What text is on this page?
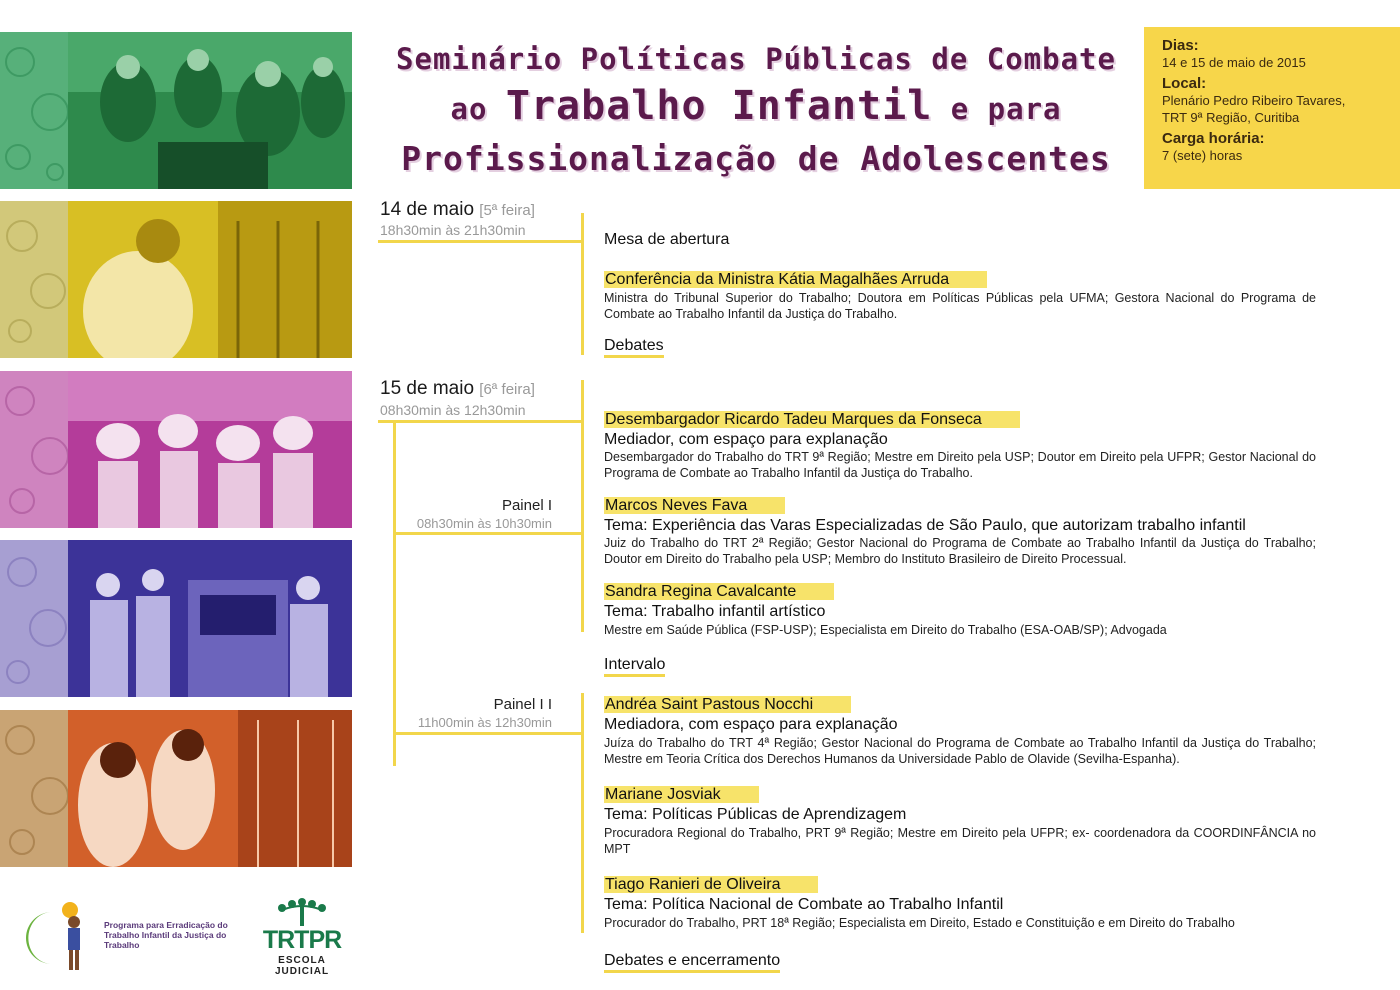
Seminário Políticas Públicas de Combate
ao Trabalho Infantil e para
Profissionalização de Adolescentes
Dias:
14 e 15 de maio de 2015
Local:
Plenário Pedro Ribeiro Tavares,
TRT 9ª Região, Curitiba
Carga horária:
7 (sete) horas
14 de maio [5ª feira]
18h30min às 21h30min
Mesa de abertura
Conferência da Ministra Kátia Magalhães Arruda
Ministra do Tribunal Superior do Trabalho; Doutora em Políticas Públicas pela UFMA; Gestora Nacional do Programa de Combate ao Trabalho Infantil da Justiça do Trabalho.
Debates
15 de maio [6ª feira]
08h30min às 12h30min
Painel I
08h30min às 10h30min
Desembargador Ricardo Tadeu Marques da Fonseca
Mediador, com espaço para explanação
Desembargador do Trabalho do TRT 9ª Região; Mestre em Direito pela USP; Doutor em Direito pela UFPR; Gestor Nacional do Programa de Combate ao Trabalho Infantil da Justiça do Trabalho.
Marcos Neves Fava
Tema: Experiência das Varas Especializadas de São Paulo, que autorizam trabalho infantil
Juiz do Trabalho do TRT 2ª Região; Gestor Nacional do Programa de Combate ao Trabalho Infantil da Justiça do Trabalho; Doutor em Direito do Trabalho pela USP; Membro do Instituto Brasileiro de Direito Processual.
Sandra Regina Cavalcante
Tema: Trabalho infantil artístico
Mestre em Saúde Pública (FSP-USP); Especialista em Direito do Trabalho (ESA-OAB/SP); Advogada
Intervalo
Painel I I
11h00min às 12h30min
Andréa Saint Pastous Nocchi
Mediadora, com espaço para explanação
Juíza do Trabalho do TRT 4ª Região; Gestor Nacional do Programa de Combate ao Trabalho Infantil da Justiça do Trabalho; Mestre em Teoria Crítica dos Derechos Humanos da Universidade Pablo de Olavide (Sevilha-Espanha).
Mariane Josviak
Tema: Políticas Públicas de Aprendizagem
Procuradora Regional do Trabalho, PRT 9ª Região; Mestre em Direito pela UFPR; ex- coordenadora da COORDINFÂNCIA no MPT
Tiago Ranieri de Oliveira
Tema: Política Nacional de Combate ao Trabalho Infantil
Procurador do Trabalho, PRT 18ª Região; Especialista em Direito, Estado e Constituição e em Direito do Trabalho
Debates e encerramento
Programa para Erradicação do Trabalho Infantil da Justiça do Trabalho	TRTPR
ESCOLA JUDICIAL
